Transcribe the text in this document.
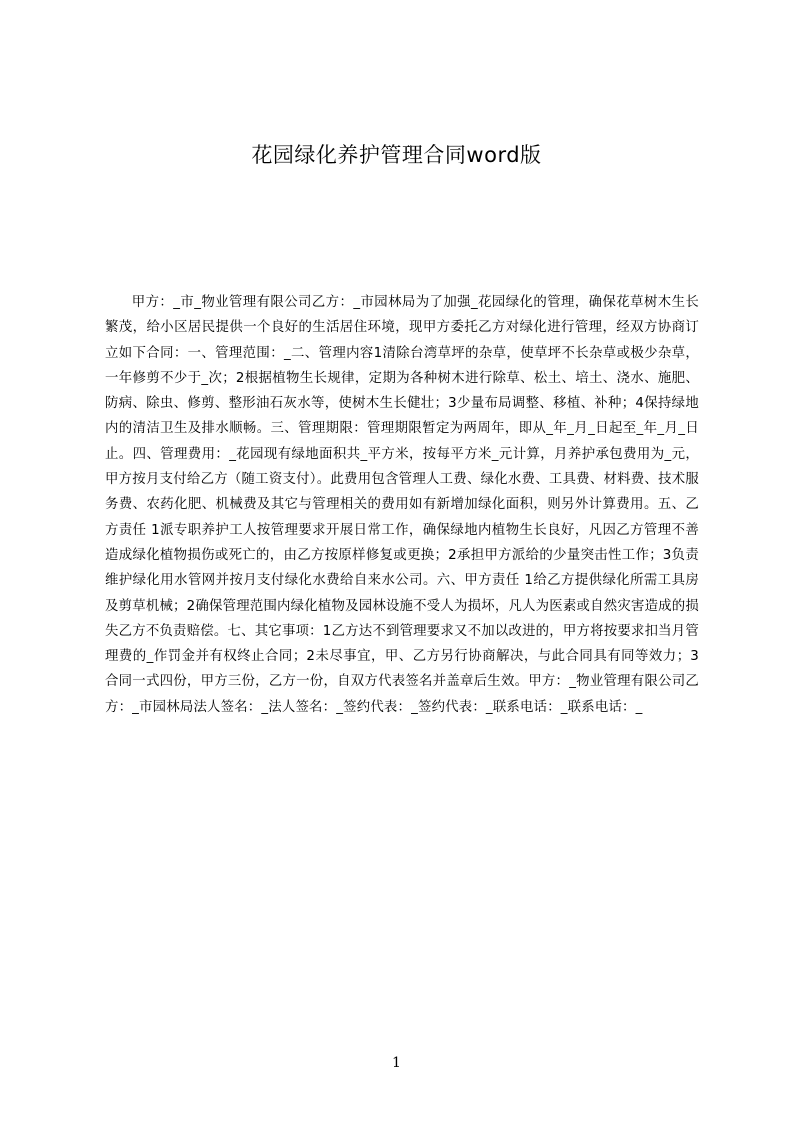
花园绿化养护管理合同word版

甲方：_市_物业管理有限公司乙方：_市园林局为了加强_花园绿化的管理，确保花草树木生长繁茂，给小区居民提供一个良好的生活居住环境，现甲方委托乙方对绿化进行管理，经双方协商订立如下合同：一、管理范围：_二、管理内容1清除台湾草坪的杂草，使草坪不长杂草或极少杂草，一年修剪不少于_次；2根据植物生长规律，定期为各种树木进行除草、松土、培土、浇水、施肥、防病、除虫、修剪、整形油石灰水等，使树木生长健壮；3少量布局调整、移植、补种；4保持绿地内的清洁卫生及排水顺畅。三、管理期限：管理期限暂定为两周年，即从_年_月_日起至_年_月_日止。四、管理费用：_花园现有绿地面积共_平方米，按每平方米_元计算，月养护承包费用为_元，甲方按月支付给乙方（随工资支付）。此费用包含管理人工费、绿化水费、工具费、材料费、技术服务费、农药化肥、机械费及其它与管理相关的费用如有新增加绿化面积，则另外计算费用。五、乙方责任 1派专职养护工人按管理要求开展日常工作，确保绿地内植物生长良好，凡因乙方管理不善造成绿化植物损伤或死亡的，由乙方按原样修复或更换；2承担甲方派给的少量突击性工作；3负责维护绿化用水管网并按月支付绿化水费给自来水公司。六、甲方责任 1给乙方提供绿化所需工具房及剪草机械；2确保管理范围内绿化植物及园林设施不受人为损坏，凡人为医素或自然灾害造成的损失乙方不负责赔偿。七、其它事项：1乙方达不到管理要求又不加以改进的，甲方将按要求扣当月管理费的_作罚金并有权终止合同；2未尽事宜，甲、乙方另行协商解决，与此合同具有同等效力；3合同一式四份，甲方三份，乙方一份，自双方代表签名并盖章后生效。甲方：_物业管理有限公司乙方：_市园林局法人签名：_法人签名：_签约代表：_签约代表：_联系电话：_联系电话：_

1
